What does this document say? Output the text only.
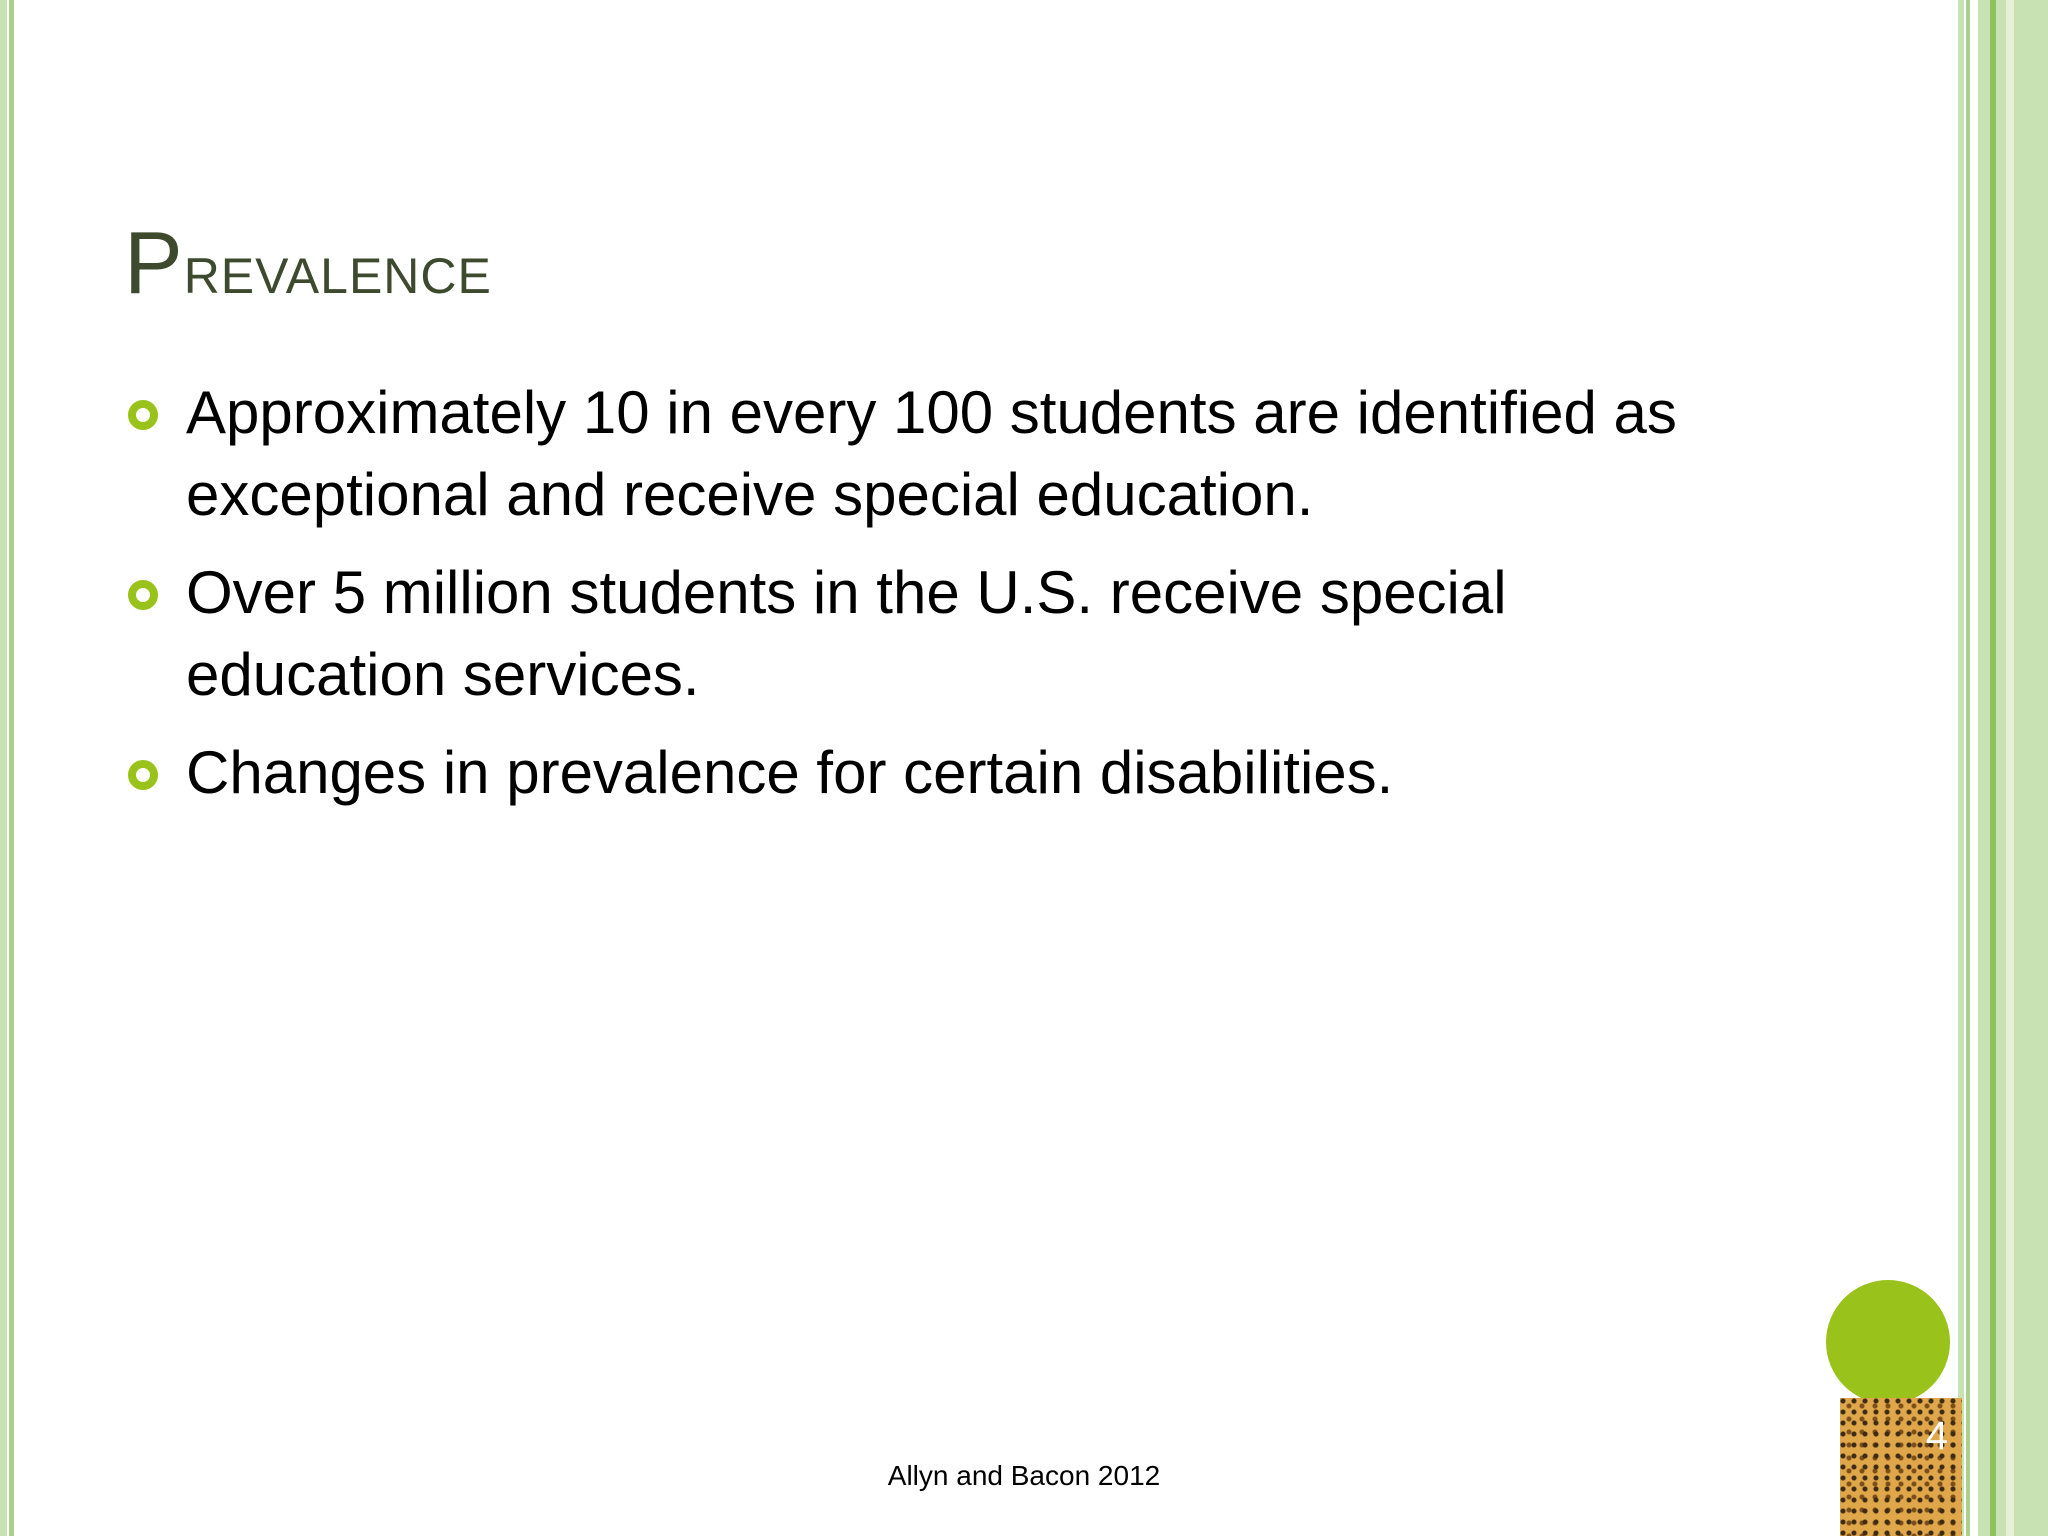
Prevalence
Approximately 10 in every 100 students are identified as exceptional and receive special education.
Over 5 million students in the U.S. receive special education services.
Changes in prevalence for certain disabilities.
Allyn and Bacon 2012
4
